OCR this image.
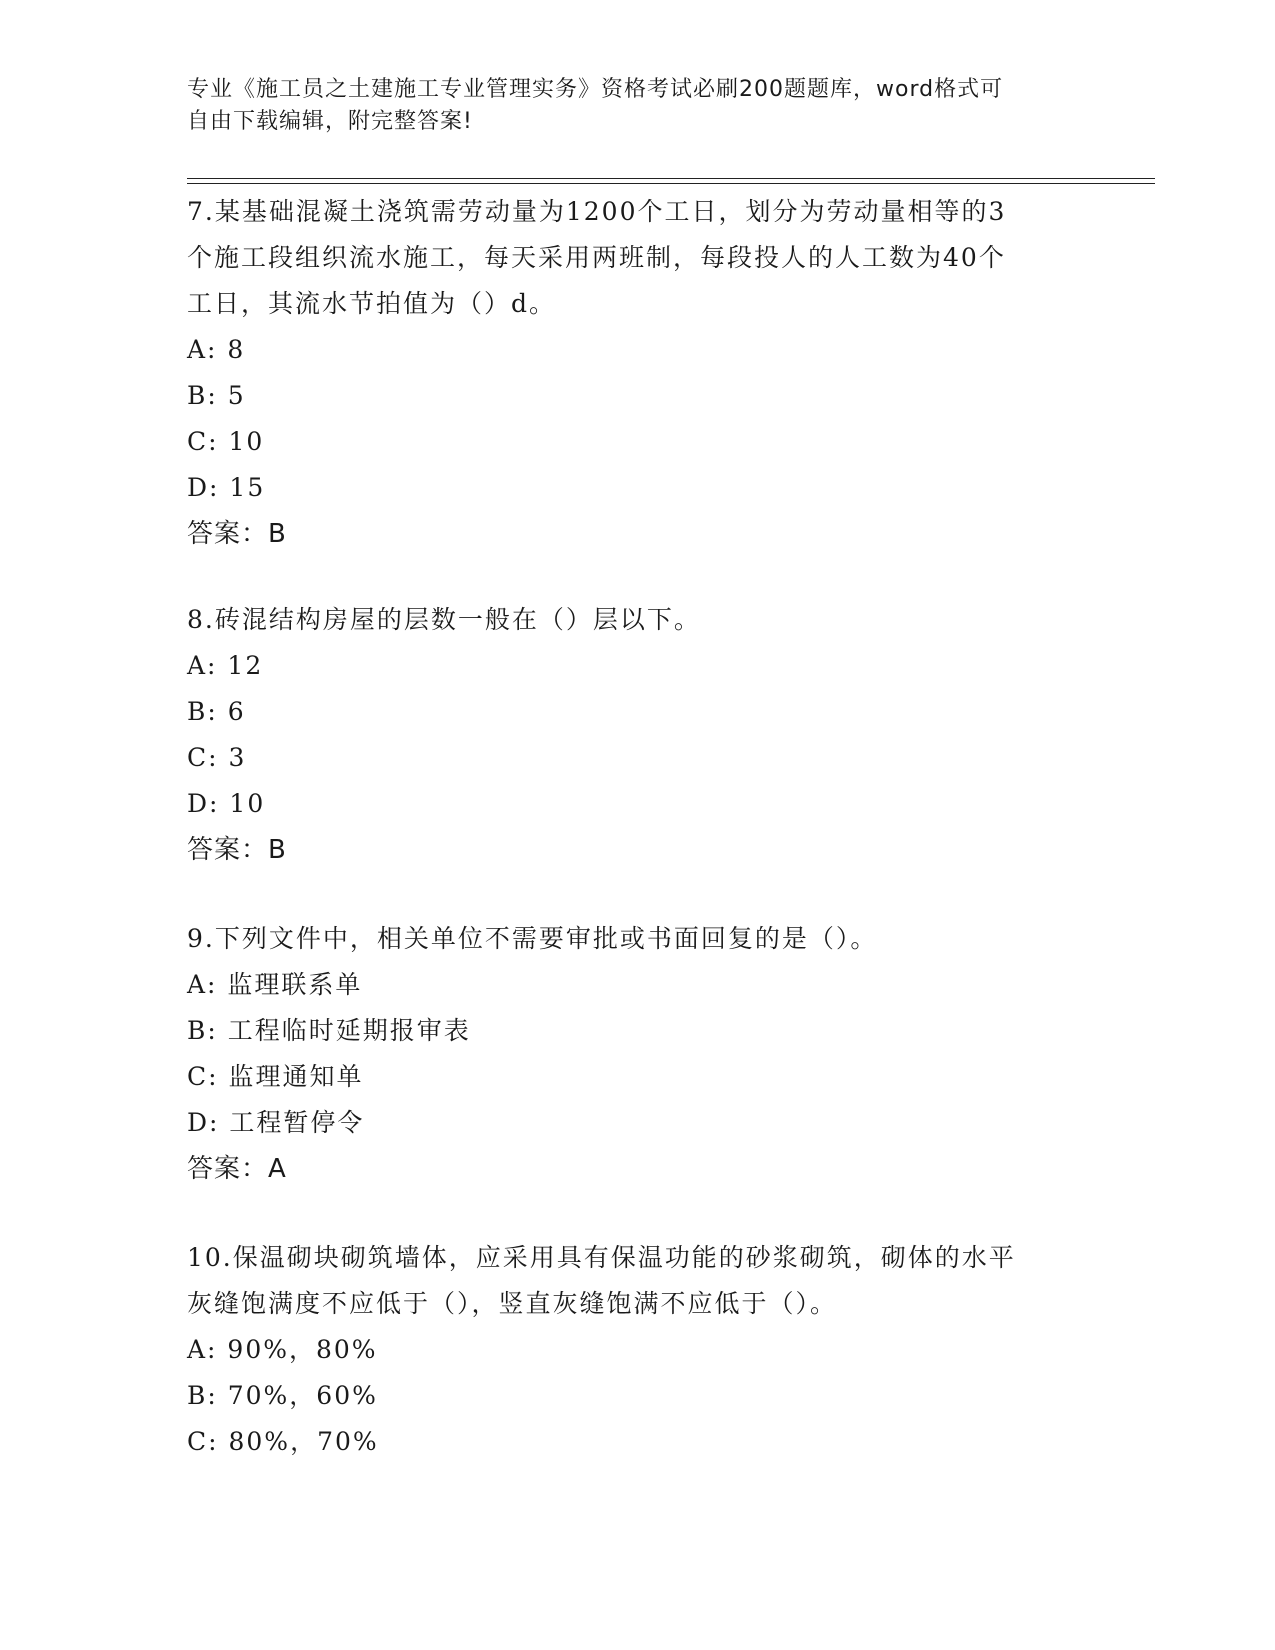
专业《施工员之土建施工专业管理实务》资格考试必刷200题题库，word格式可
自由下载编辑，附完整答案!
7.某基础混凝土浇筑需劳动量为1200个工日，划分为劳动量相等的3
个施工段组织流水施工，每天采用两班制，每段投人的人工数为40个
工日，其流水节拍值为（）d。
A: 8
B: 5
C: 10
D: 15
答案：B
8.砖混结构房屋的层数一般在（）层以下。
A: 12
B: 6
C: 3
D: 10
答案：B
9.下列文件中，相关单位不需要审批或书面回复的是（）。
A: 监理联系单
B: 工程临时延期报审表
C: 监理通知单
D: 工程暂停令
答案：A
10.保温砌块砌筑墙体，应采用具有保温功能的砂浆砌筑，砌体的水平
灰缝饱满度不应低于（），竖直灰缝饱满不应低于（）。
A: 90%，80%
B: 70%，60%
C: 80%，70%
